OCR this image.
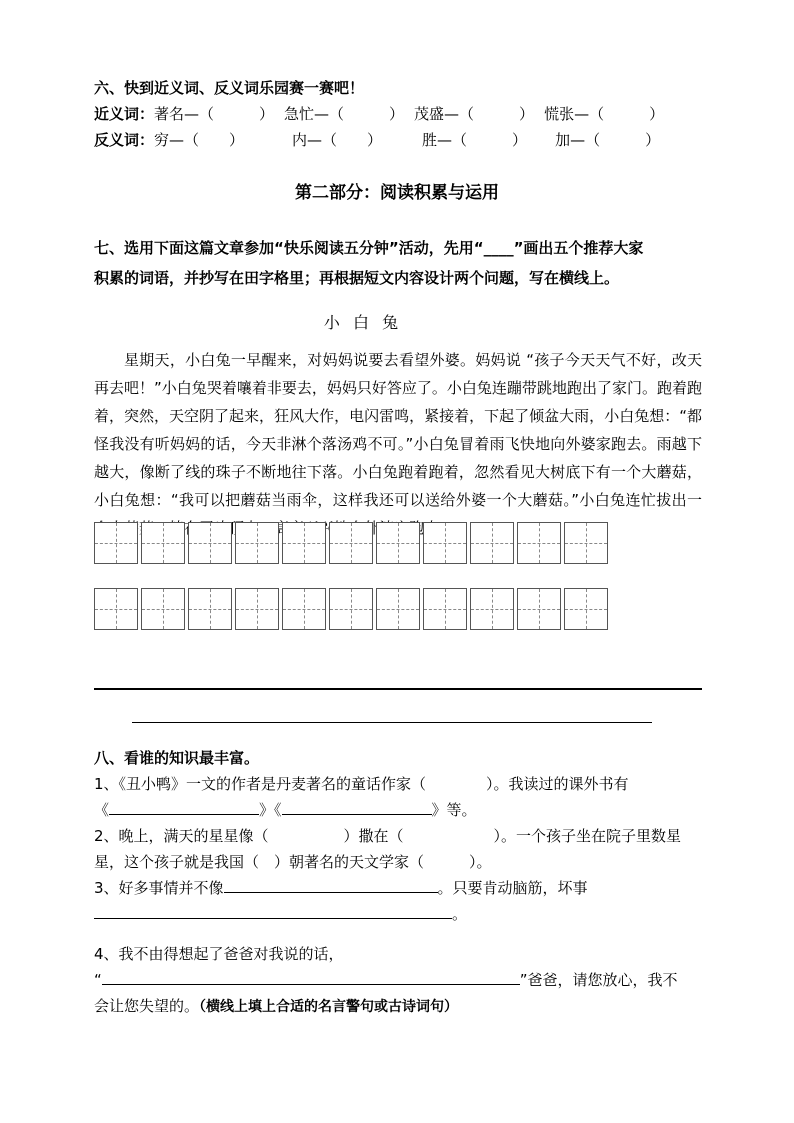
六、快到近义词、反义词乐园赛一赛吧！
近义词：著名—（　　　） 急忙—（　　　） 茂盛—（　　　） 慌张—（　　　）
反义词：穷—（　　）	内—（　　）	胜—（　　　） 加—（　　　）
第二部分：阅读积累与运用
七、选用下面这篇文章参加“快乐阅读五分钟”活动，先用“____”画出五个推荐大家
积累的词语，并抄写在田字格里；再根据短文内容设计两个问题，写在横线上。
小 白 兔
星期天，小白兔一早醒来，对妈妈说要去看望外婆。妈妈说 “孩子今天天气不好，改天再去吧！”小白兔哭着嚷着非要去，妈妈只好答应了。小白兔连蹦带跳地跑出了家门。跑着跑着，突然，天空阴了起来，狂风大作，电闪雷鸣，紧接着，下起了倾盆大雨，小白兔想：“都怪我没有听妈妈的话，今天非淋个落汤鸡不可。”小白兔冒着雨飞快地向外婆家跑去。雨越下越大，像断了线的珠子不断地往下落。小白兔跑着跑着，忽然看见大树底下有一个大蘑菇，小白兔想：“我可以把蘑菇当雨伞，这样我还可以送给外婆一个大蘑菇。”小白兔连忙拔出一 大蘑菇， 兴
八、看谁的知识最丰富。
1、《丑小鸭》一文的作者是丹麦著名的童话作家（　　　　）。我读过的课外书有
《	》《	》等。
2、晚上，满天的星星像（　　　　　）撒在（　　　　　　）。一个孩子坐在院子里数星
星，这个孩子就是我国（　）朝著名的天文学家（　　　）。
3、好多事情并不像	。只要肯动脑筋，坏事
。
4、我不由得想起了爸爸对我说的话，
“	”爸爸，请您放心，我不
会让您失望的。（横线上填上合适的名言警句或古诗词句）
